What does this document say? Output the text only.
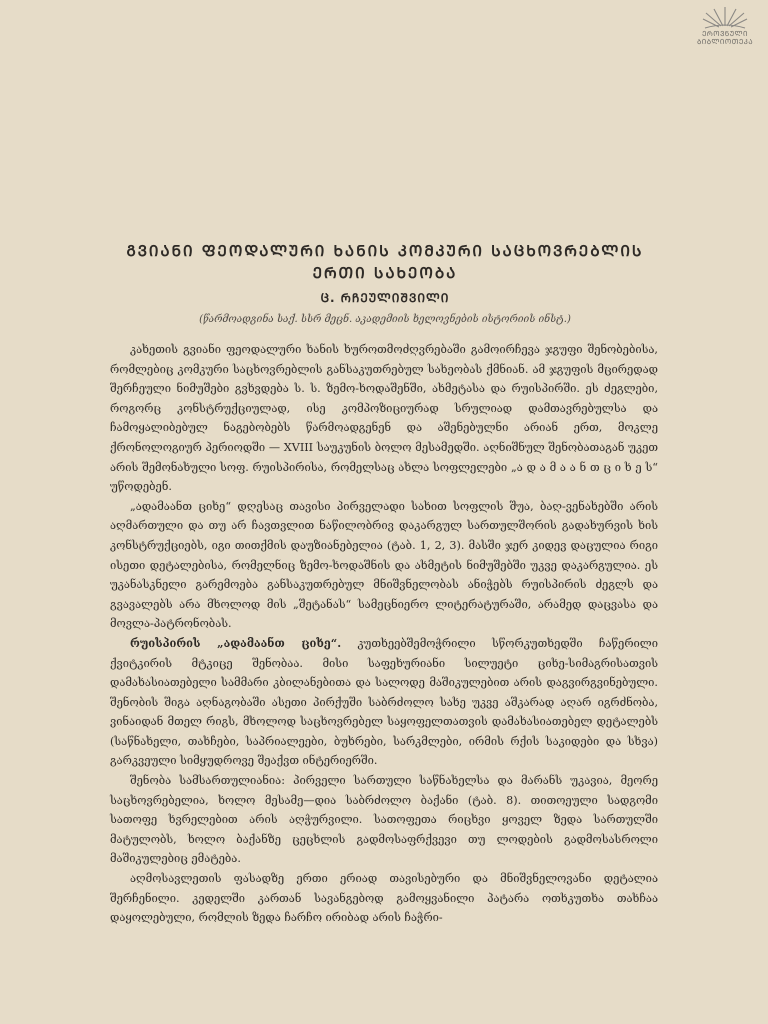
ᲔᲠᲝᲕᲜᲣᲚᲘ
ᲑᲘᲑᲚᲘᲝᲗᲔᲙᲐ
ᲒᲕᲘᲐᲜᲘ ᲤᲔᲝᲓᲐᲚᲣᲠᲘ ᲮᲐᲜᲘᲡ ᲙᲝᲛᲙᲣᲠᲘ ᲡᲐᲪᲮᲝᲕᲠᲔᲑᲚᲘᲡ
ᲔᲠᲗᲘ ᲡᲐᲮᲔᲝᲑᲐ
Ც. ᲠᲩᲔᲣᲚᲘᲨᲕᲘᲚᲘ
(წარმოადგინა საქ. სსრ მეცნ. აკადემიის ხელოვნების ისტორიის ინსტ.)

კახეთის გვიანი ფეოდალური ხანის ხუროთმოძღვრებაში გამოირჩევა ჯგუფი შენობებისა, რომლებიც კომკური საცხოვრებლის განსაკუთრებულ სახეობას ქმნიან. ამ ჯგუფის მცირედად შერჩეული ნიმუშები გვხვდება ს. ს. ზემო-ხოდაშენში, ახმეტასა და რუისპირში. ეს ძეგლები, როგორც კონსტრუქციულად, ისე კომპოზიციურად სრულიად დამთავრებულსა და ჩამოყალიბებულ ნაგებობებს წარმოადგენენ და აშენებულნი არიან ერთ, მოკლე ქრონოლოგიურ პერიოდში — XVIII საუკუნის ბოლო მესამედში. აღნიშნულ შენობათაგან უკეთ არის შემონახული სოფ. რუისპირისა, რომელსაც ახლა სოფლელები „ა დ ა მ ა ა ნ თ ც ი ხ ე ს“ უწოდებენ.

„ადამაანთ ციხე“ დღესაც თავისი პირველადი სახით სოფლის შუა, ბაღ-ვენახებში არის აღმართული და თუ არ ჩავთვლით ნაწილობრივ დაკარგულ სართულშორის გადახურვის ხის კონსტრუქციებს, იგი თითქმის დაუზიანებელია (ტაბ. 1, 2, 3). მასში ჯერ კიდევ დაცულია რიგი ისეთი დეტალებისა, რომელნიც ზემო-ხოდაშნის და ახმეტის ნიმუშებში უკვე დაკარგულია. ეს უკანასკნელი გარემოება განსაკუთრებულ მნიშვნელობას ანიჭებს რუისპირის ძეგლს და გვავალებს არა მხოლოდ მის „შეტანას“ სამეცნიერო ლიტერატურაში, არამედ დაცვასა და მოვლა-პატრონობას.

რუისპირის „ადამაანთ ციხე“. კუთხეებშემოჭრილი სწორკუთხედში ჩაწერილი ქვიტკირის მტკიცე შენობაა. მისი საფეხურიანი სილუეტი ციხე-სიმაგრისათვის დამახასიათებელი სამმარი კბილანებითა და სალოდე მაშიკულებით არის დაგვირგვინებული. შენობის შიგა აღნაგობაში ასეთი პირქუში საბრძოლო სახე უკვე აშკარად აღარ იგრძნობა, ვინაიდან მთელ რიგს, მხოლოდ საცხოვრებელ საყოფელთათვის დამახასიათებელ დეტალებს (საწნახელი, თახჩები, საპრიალეები, ბუხრები, სარკმლები, ირმის რქის საკიდები და სხვა) გარკვეული სიმყუდროვე შეაქვთ ინტერიერში.

შენობა სამსართულიანია: პირველი სართული საწნახელსა და მარანს უკავია, მეორე საცხოვრებელია, ხოლო მესამე—დია საბრძოლო ბაქანი (ტაბ. 8). თითოეული სადგომი სათოფე ხვრელებით არის აღჭურვილი. სათოფეთა რიცხვი ყოველ ზედა სართულში მატულობს, ხოლო ბაქანზე ცეცხლის გადმოსაფრქვევი თუ ლოდების გადმოსასროლი მაშიკულებიც ემატება.

აღმოსავლეთის ფასადზე ერთი ერიად თავისებური და მნიშვნელოვანი დეტალია შერჩენილი. კედელში კართან სავანგებოდ გამოყვანილი პატარა ოთხკუთხა თახჩაა დაყოლებული, რომლის ზედა ჩარჩო ირიბად არის ჩაჭრი-
